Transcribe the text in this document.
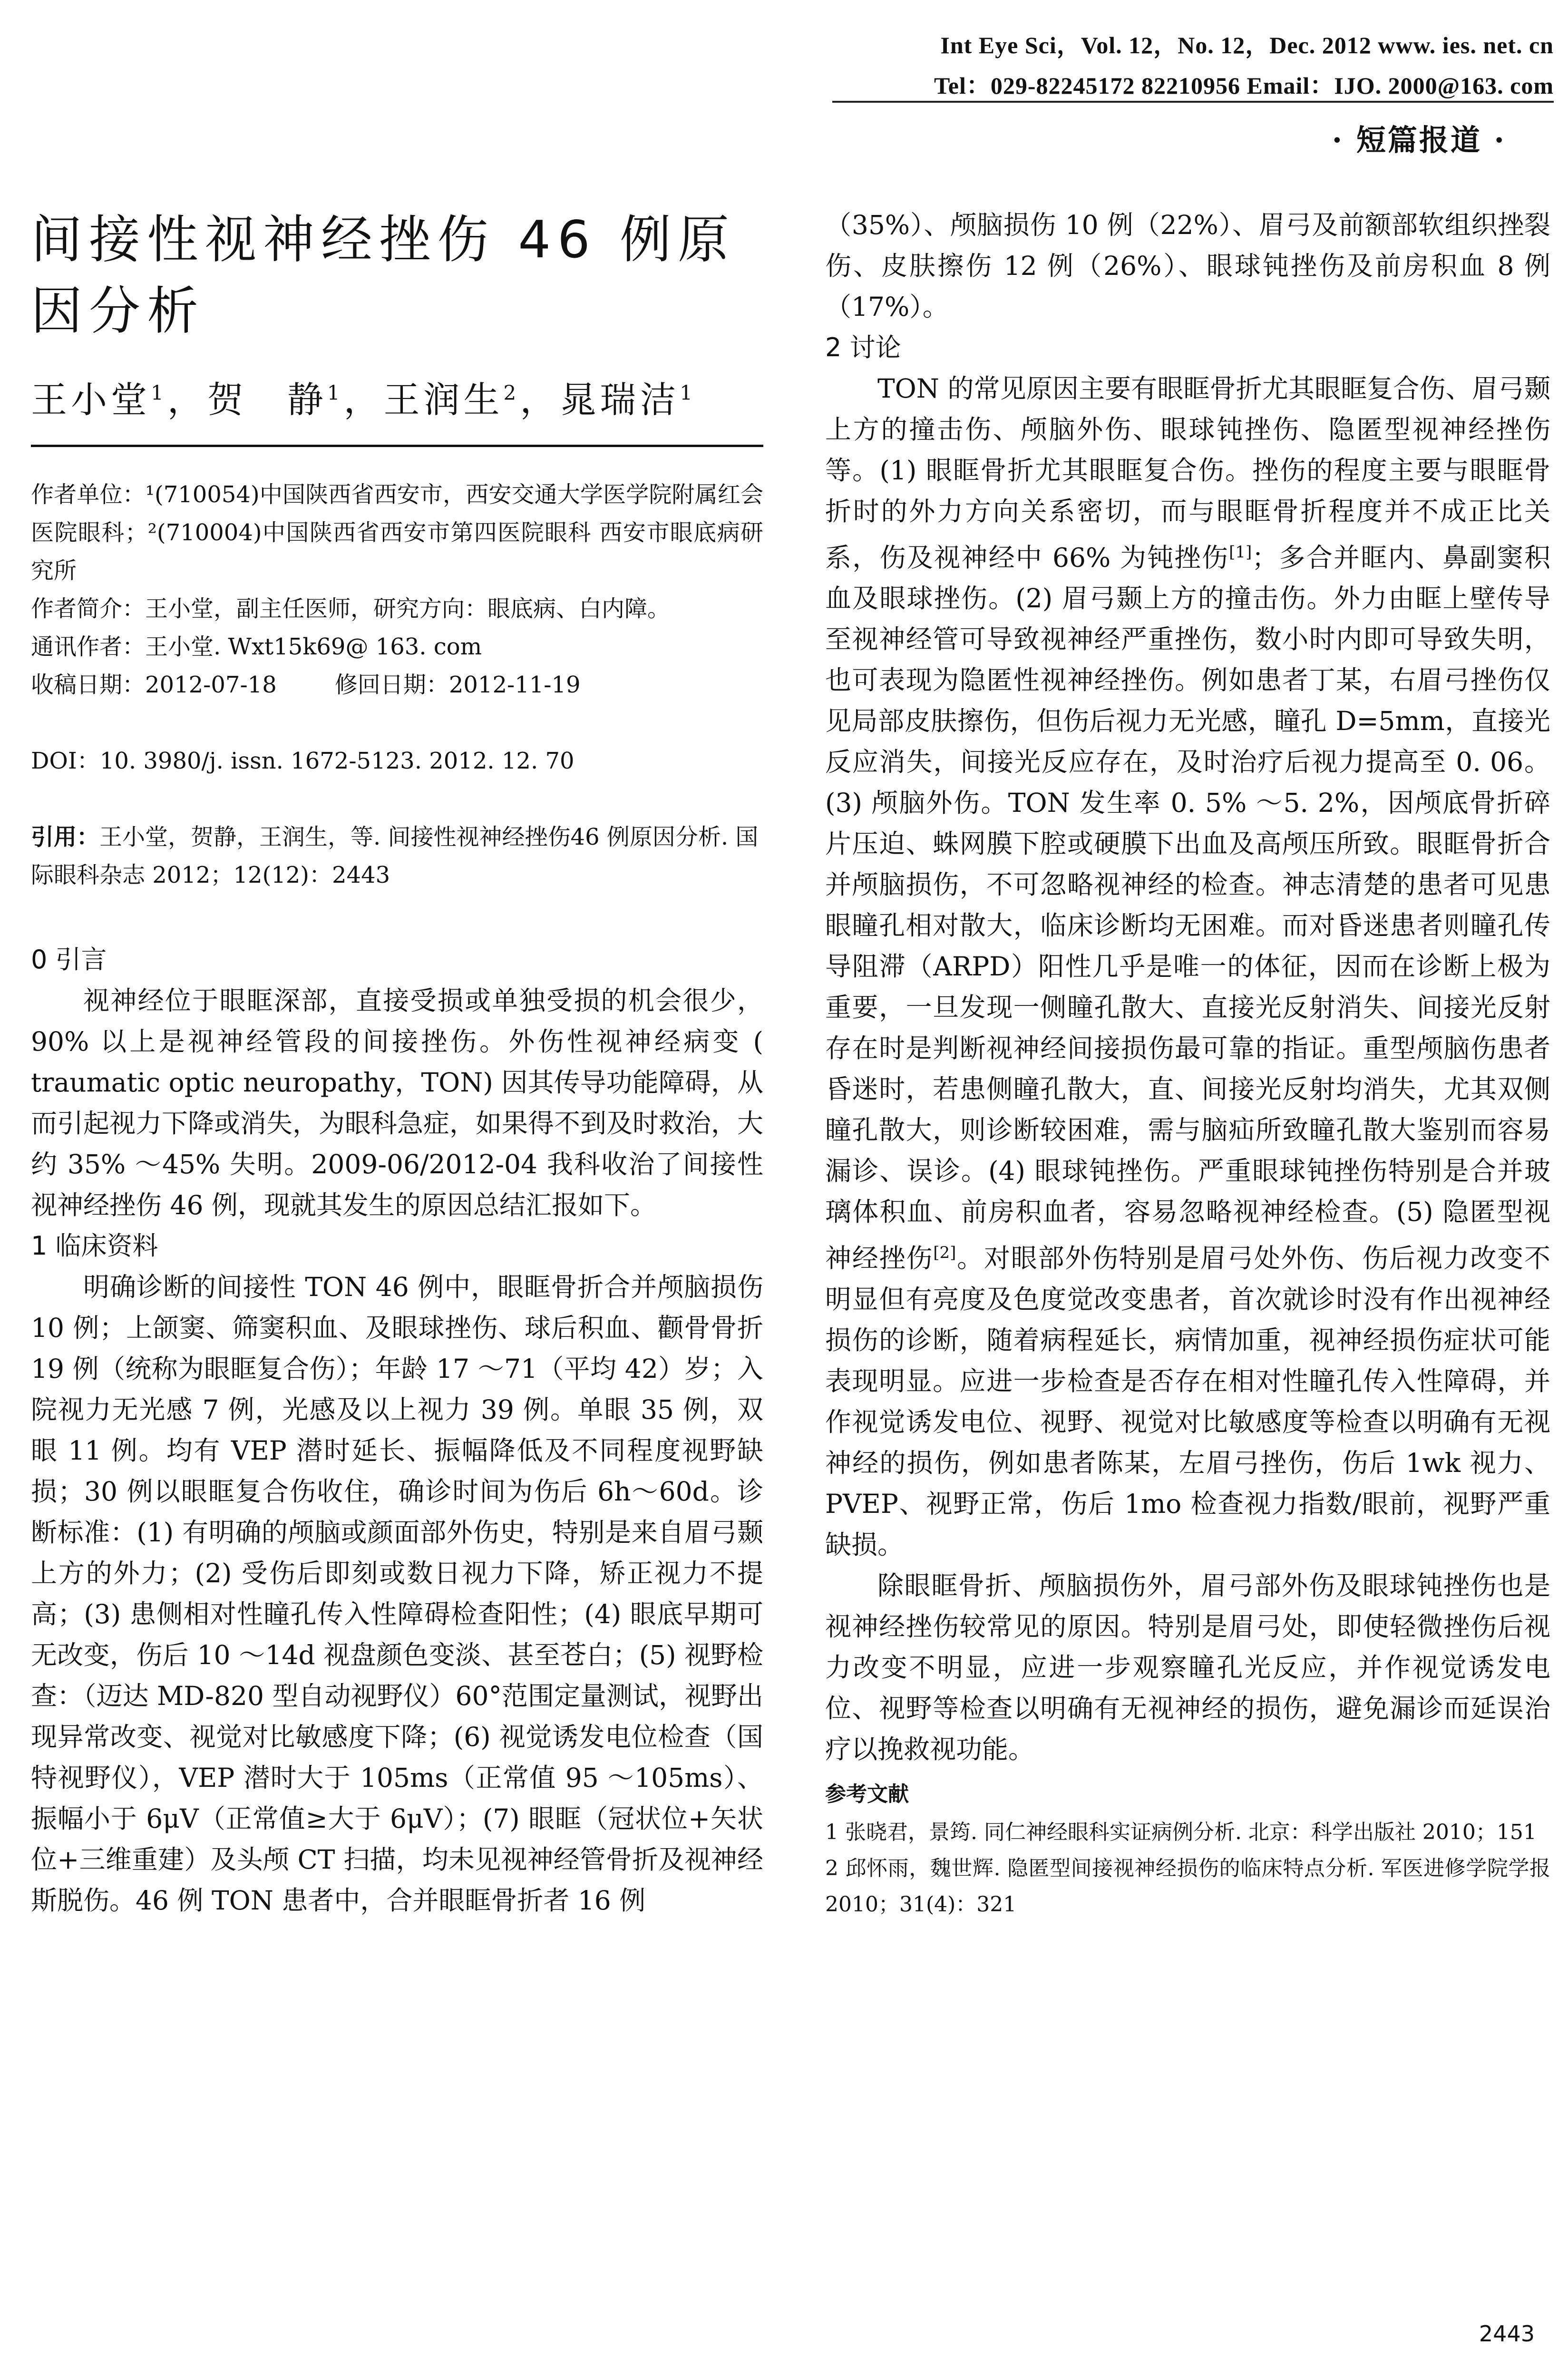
Int Eye Sci，Vol. 12，No. 12，Dec. 2012 www. ies. net. cn
Tel：029-82245172 82210956 Email：IJO. 2000@163. com
· 短篇报道 ·
间接性视神经挫伤 46 例原因分析
王小堂$^1$，贺　静$^1$，王润生$^2$，晁瑞洁$^1$

作者单位：¹(710054)中国陕西省西安市，西安交通大学医学院附属红会医院眼科；²(710004)中国陕西省西安市第四医院眼科 西安市眼底病研究所

作者简介：王小堂，副主任医师，研究方向：眼底病、白内障。

通讯作者：王小堂. Wxt15k69@ 163. com

收稿日期：2012-07-18	修回日期：2012-11-19

DOI：10. 3980/j. issn. 1672-5123. 2012. 12. 70

引用：王小堂，贺静，王润生，等. 间接性视神经挫伤46 例原因分析. 国际眼科杂志 2012；12(12)：2443

0 引言

视神经位于眼眶深部，直接受损或单独受损的机会很少，90% 以上是视神经管段的间接挫伤。外伤性视神经病变 ( traumatic optic neuropathy，TON) 因其传导功能障碍，从而引起视力下降或消失，为眼科急症，如果得不到及时救治，大约 35% ～45% 失明。2009-06/2012-04 我科收治了间接性视神经挫伤 46 例，现就其发生的原因总结汇报如下。

1 临床资料

明确诊断的间接性 TON 46 例中，眼眶骨折合并颅脑损伤 10 例；上颌窦、筛窦积血、及眼球挫伤、球后积血、颧骨骨折 19 例（统称为眼眶复合伤）；年龄 17 ～71（平均 42）岁；入院视力无光感 7 例，光感及以上视力 39 例。单眼 35 例，双眼 11 例。均有 VEP 潜时延长、振幅降低及不同程度视野缺损；30 例以眼眶复合伤收住，确诊时间为伤后 6h～60d。诊断标准：(1) 有明确的颅脑或颜面部外伤史，特别是来自眉弓颞上方的外力；(2) 受伤后即刻或数日视力下降，矫正视力不提高；(3) 患侧相对性瞳孔传入性障碍检查阳性；(4) 眼底早期可无改变，伤后 10 ～14d 视盘颜色变淡、甚至苍白；(5) 视野检查：（迈达 MD-820 型自动视野仪）60°范围定量测试，视野出现异常改变、视觉对比敏感度下降；(6) 视觉诱发电位检查（国特视野仪），VEP 潜时大于 105ms（正常值 95 ～105ms）、振幅小于 6μV（正常值≥大于 6μV）；(7) 眼眶（冠状位+矢状位+三维重建）及头颅 CT 扫描，均未见视神经管骨折及视神经斯脱伤。46 例 TON 患者中，合并眼眶骨折者 16 例

（35%）、颅脑损伤 10 例（22%）、眉弓及前额部软组织挫裂伤、皮肤擦伤 12 例（26%）、眼球钝挫伤及前房积血 8 例（17%）。

2 讨论

TON 的常见原因主要有眼眶骨折尤其眼眶复合伤、眉弓颞上方的撞击伤、颅脑外伤、眼球钝挫伤、隐匿型视神经挫伤等。(1) 眼眶骨折尤其眼眶复合伤。挫伤的程度主要与眼眶骨折时的外力方向关系密切，而与眼眶骨折程度并不成正比关系，伤及视神经中 66% 为钝挫伤[1]；多合并眶内、鼻副窦积血及眼球挫伤。(2) 眉弓颞上方的撞击伤。外力由眶上壁传导至视神经管可导致视神经严重挫伤，数小时内即可导致失明，也可表现为隐匿性视神经挫伤。例如患者丁某，右眉弓挫伤仅见局部皮肤擦伤，但伤后视力无光感，瞳孔 D=5mm，直接光反应消失，间接光反应存在，及时治疗后视力提高至 0. 06。(3) 颅脑外伤。TON 发生率 0. 5% ～5. 2%，因颅底骨折碎片压迫、蛛网膜下腔或硬膜下出血及高颅压所致。眼眶骨折合并颅脑损伤，不可忽略视神经的检查。神志清楚的患者可见患眼瞳孔相对散大，临床诊断均无困难。而对昏迷患者则瞳孔传导阻滞（ARPD）阳性几乎是唯一的体征，因而在诊断上极为重要，一旦发现一侧瞳孔散大、直接光反射消失、间接光反射存在时是判断视神经间接损伤最可靠的指证。重型颅脑伤患者昏迷时，若患侧瞳孔散大，直、间接光反射均消失，尤其双侧瞳孔散大，则诊断较困难，需与脑疝所致瞳孔散大鉴别而容易漏诊、误诊。(4) 眼球钝挫伤。严重眼球钝挫伤特别是合并玻璃体积血、前房积血者，容易忽略视神经检查。(5) 隐匿型视神经挫伤[2]。对眼部外伤特别是眉弓处外伤、伤后视力改变不明显但有亮度及色度觉改变患者，首次就诊时没有作出视神经损伤的诊断，随着病程延长，病情加重，视神经损伤症状可能表现明显。应进一步检查是否存在相对性瞳孔传入性障碍，并作视觉诱发电位、视野、视觉对比敏感度等检查以明确有无视神经的损伤，例如患者陈某，左眉弓挫伤，伤后 1wk 视力、PVEP、视野正常，伤后 1mo 检查视力指数/眼前，视野严重缺损。

除眼眶骨折、颅脑损伤外，眉弓部外伤及眼球钝挫伤也是视神经挫伤较常见的原因。特别是眉弓处，即使轻微挫伤后视力改变不明显，应进一步观察瞳孔光反应，并作视觉诱发电位、视野等检查以明确有无视神经的损伤，避免漏诊而延误治疗以挽救视功能。

参考文献

1 张晓君，景筠. 同仁神经眼科实证病例分析. 北京：科学出版社 2010；151

2 邱怀雨，魏世辉. 隐匿型间接视神经损伤的临床特点分析. 军医进修学院学报 2010；31(4)：321

2443
